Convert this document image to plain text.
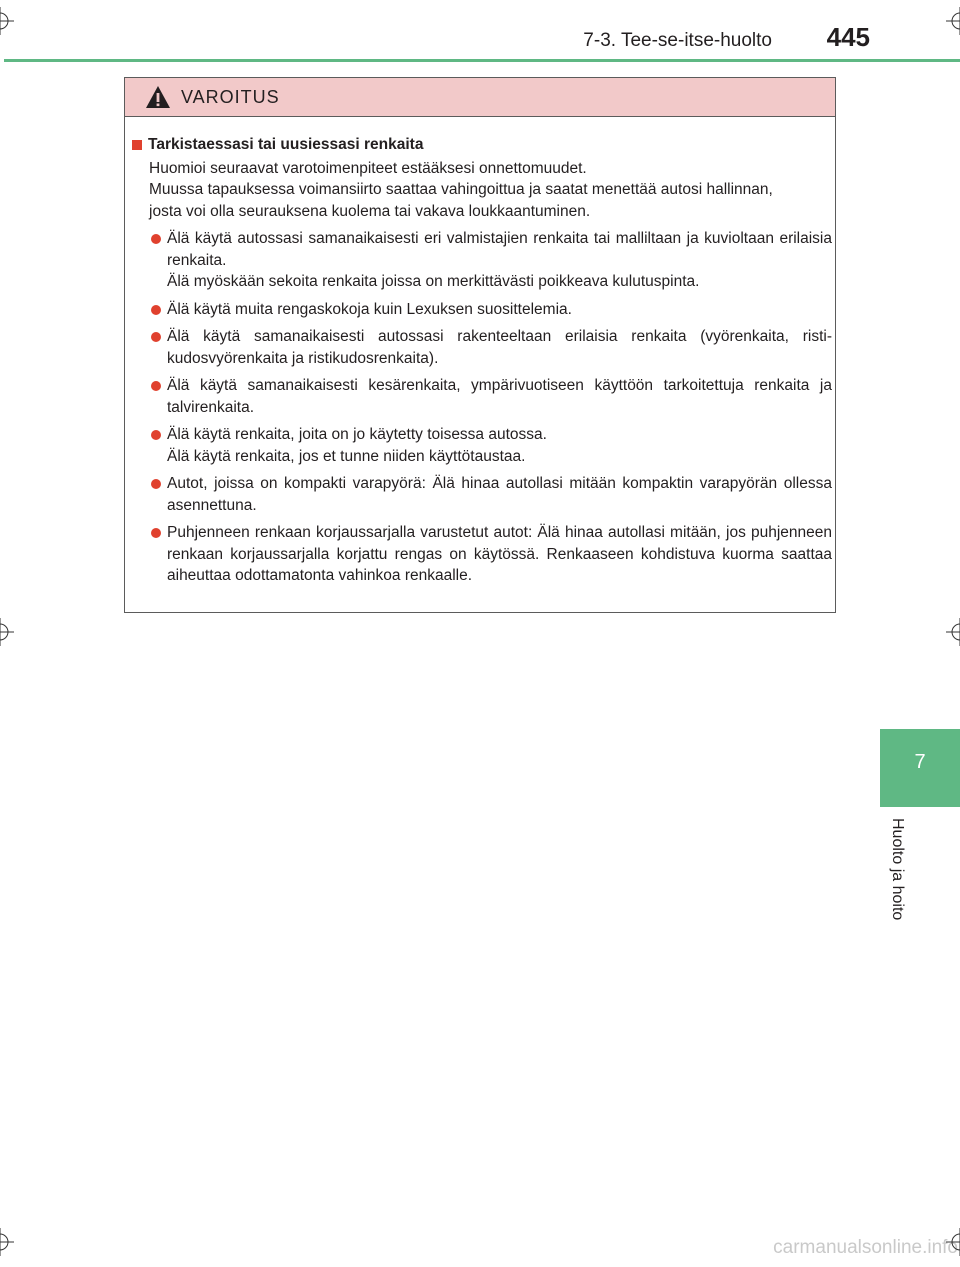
7-3. Tee-se-itse-huolto	445
VAROITUS
Tarkistaessasi tai uusiessasi renkaita
Huomioi seuraavat varotoimenpiteet estääksesi onnettomuudet.
Muussa tapauksessa voimansiirto saattaa vahingoittua ja saatat menettää autosi hallinnan,
josta voi olla seurauksena kuolema tai vakava loukkaantuminen.
Älä käytä autossasi samanaikaisesti eri valmistajien renkaita tai malliltaan ja kuvioltaan erilaisia renkaita.
Älä myöskään sekoita renkaita joissa on merkittävästi poikkeava kulutuspinta.
Älä käytä muita rengaskokoja kuin Lexuksen suosittelemia.
Älä käytä samanaikaisesti autossasi rakenteeltaan erilaisia renkaita (vyörenkaita, risti-kudosvyörenkaita ja ristikudosrenkaita).
Älä käytä samanaikaisesti kesärenkaita, ympärivuotiseen käyttöön tarkoitettuja renkaita ja talvirenkaita.
Älä käytä renkaita, joita on jo käytetty toisessa autossa.
Älä käytä renkaita, jos et tunne niiden käyttötaustaa.
Autot, joissa on kompakti varapyörä: Älä hinaa autollasi mitään kompaktin varapyörän ollessa asennettuna.
Puhjenneen renkaan korjaussarjalla varustetut autot: Älä hinaa autollasi mitään, jos puhjenneen renkaan korjaussarjalla korjattu rengas on käytössä. Renkaaseen kohdistuva kuorma saattaa aiheuttaa odottamatonta vahinkoa renkaalle.
7
Huolto ja hoito
carmanualsonline.info
